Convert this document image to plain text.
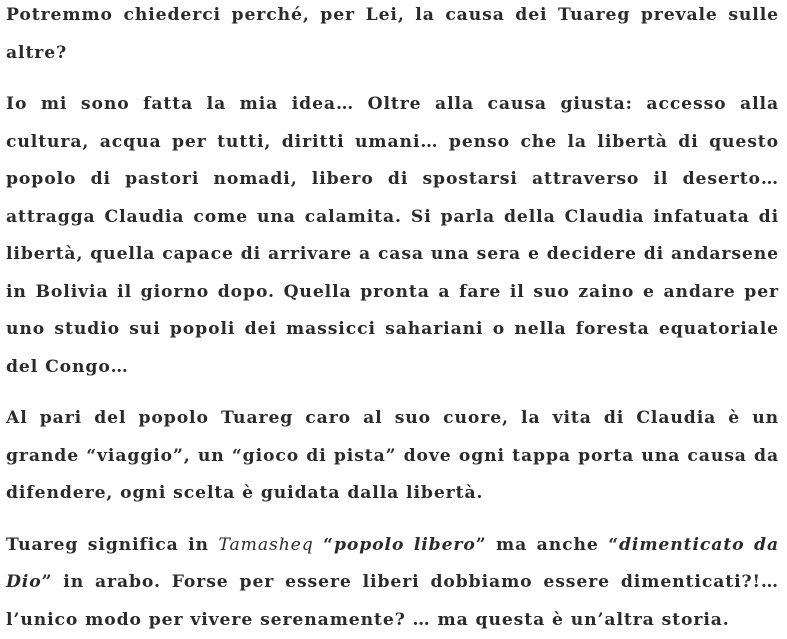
Potremmo chiederci perché, per Lei, la causa dei Tuareg prevale sulle altre?

Io mi sono fatta la mia idea… Oltre alla causa giusta: accesso alla cultura, acqua per tutti, diritti umani… penso che la libertà di questo popolo di pastori nomadi, libero di spostarsi attraverso il deserto… attragga Claudia come una calamita. Si parla della Claudia infatuata di libertà, quella capace di arrivare a casa una sera e decidere di andarsene in Bolivia il giorno dopo. Quella pronta a fare il suo zaino e andare per uno studio sui popoli dei massicci sahariani o nella foresta equatoriale del Congo…

Al pari del popolo Tuareg caro al suo cuore, la vita di Claudia è un grande “viaggio”, un “gioco di pista” dove ogni tappa porta una causa da difendere, ogni scelta è guidata dalla libertà.

Tuareg significa in Tamasheq “popolo libero” ma anche “dimenticato da Dio” in arabo. Forse per essere liberi dobbiamo essere dimenticati?!… l’unico modo per vivere serenamente? … ma questa è un’altra storia.
